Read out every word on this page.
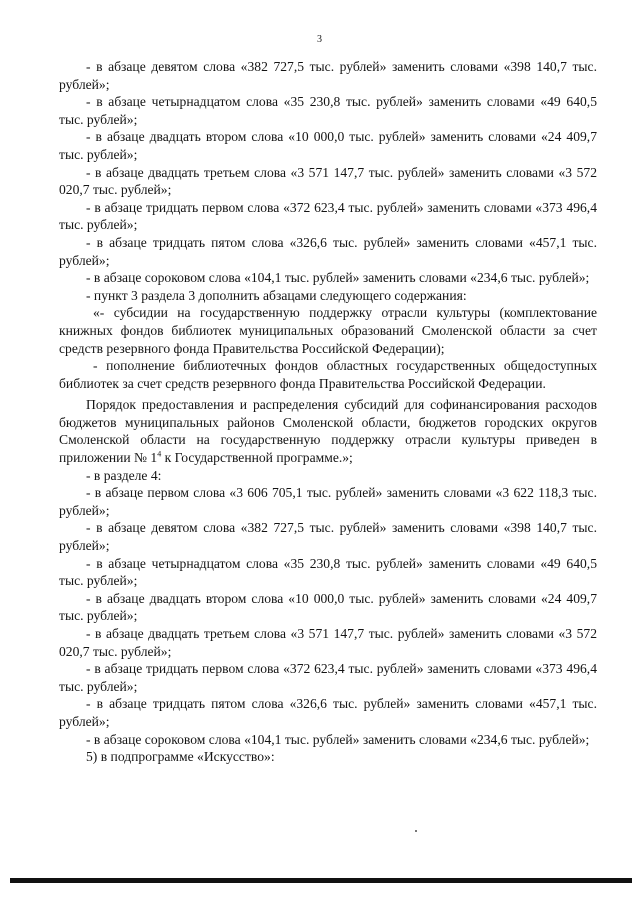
3

- в абзаце девятом слова «382 727,5 тыс. рублей» заменить словами «398 140,7 тыс. рублей»;

- в абзаце четырнадцатом слова «35 230,8 тыс. рублей» заменить словами «49 640,5 тыс. рублей»;

- в абзаце двадцать втором слова «10 000,0 тыс. рублей» заменить словами «24 409,7 тыс. рублей»;

- в абзаце двадцать третьем слова «3 571 147,7 тыс. рублей» заменить словами «3 572 020,7 тыс. рублей»;

- в абзаце тридцать первом слова «372 623,4 тыс. рублей» заменить словами «373 496,4 тыс. рублей»;

- в абзаце тридцать пятом слова «326,6 тыс. рублей» заменить словами «457,1 тыс. рублей»;

- в абзаце сороковом слова «104,1 тыс. рублей» заменить словами «234,6 тыс. рублей»;

- пункт 3 раздела 3 дополнить абзацами следующего содержания:

«- субсидии на государственную поддержку отрасли культуры (комплектование книжных фондов библиотек муниципальных образований Смоленской области за счет средств резервного фонда Правительства Российской Федерации);

- пополнение библиотечных фондов областных государственных общедоступных библиотек за счет средств резервного фонда Правительства Российской Федерации.

Порядок предоставления и распределения субсидий для софинансирования расходов бюджетов муниципальных районов Смоленской области, бюджетов городских округов Смоленской области на государственную поддержку отрасли культуры приведен в приложении № $1^4$ к Государственной программе.»;

- в разделе 4:

- в абзаце первом слова «3 606 705,1 тыс. рублей» заменить словами «3 622 118,3 тыс. рублей»;

- в абзаце девятом слова «382 727,5 тыс. рублей» заменить словами «398 140,7 тыс. рублей»;

- в абзаце четырнадцатом слова «35 230,8 тыс. рублей» заменить словами «49 640,5 тыс. рублей»;

- в абзаце двадцать втором слова «10 000,0 тыс. рублей» заменить словами «24 409,7 тыс. рублей»;

- в абзаце двадцать третьем слова «3 571 147,7 тыс. рублей» заменить словами «3 572 020,7 тыс. рублей»;

- в абзаце тридцать первом слова «372 623,4 тыс. рублей» заменить словами «373 496,4 тыс. рублей»;

- в абзаце тридцать пятом слова «326,6 тыс. рублей» заменить словами «457,1 тыс. рублей»;

- в абзаце сороковом слова «104,1 тыс. рублей» заменить словами «234,6 тыс. рублей»;

5) в подпрограмме «Искусство»:
